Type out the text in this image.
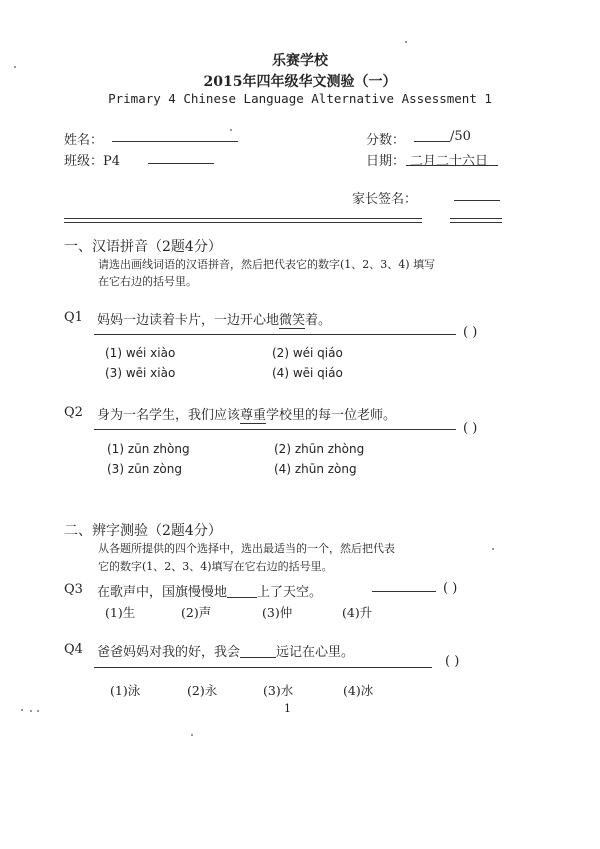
乐赛学校
2015年四年级华文测验（一）
Primary 4 Chinese Language Alternative Assessment 1
姓名：
班级：P4
分数：	/50
日期： 二月二十六日
家长签名：
一、汉语拼音（2题4分）
请选出画线词语的汉语拼音，然后把代表它的数字(1、2、3、4) 填写
在它右边的括号里。
Q1 妈妈一边读着卡片，一边开心地微笑着。
( )
(1) wéi xiào	(2) wéi qiáo
(3) wēi xiào	(4) wēi qiáo
Q2 身为一名学生，我们应该尊重学校里的每一位老师。
( )
(1) zūn zhòng	(2) zhūn zhòng
(3) zūn zòng	(4) zhūn zòng
二、辨字测验（2题4分）
从各题所提供的四个选择中，选出最适当的一个，然后把代表
它的数字(1、2、3、4)填写在它右边的括号里。
Q3 在歌声中，国旗慢慢地 上了天空。	( )
(1)生	(2)声	(3)仲	(4)升
Q4 爸爸妈妈对我的好，我会	远记在心里。
( )
(1)泳	(2)永	(3)水	(4)冰
1
